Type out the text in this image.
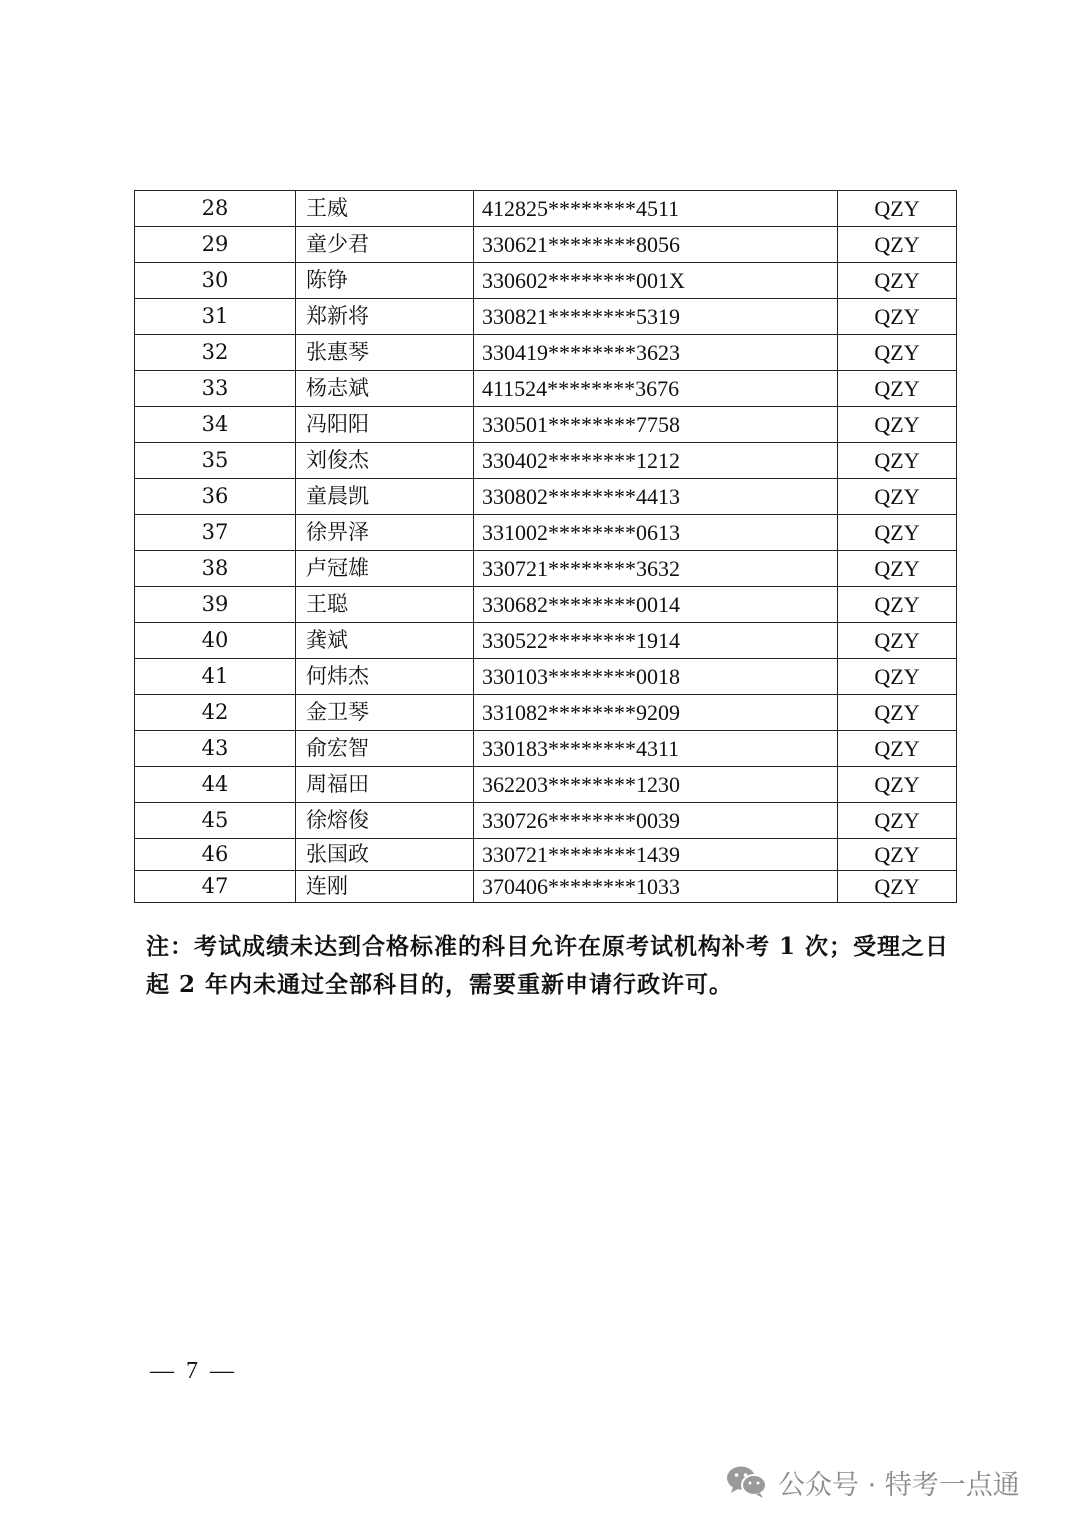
28	王威	412825********4511	QZY
29	童少君	330621********8056	QZY
30	陈铮	330602********001X	QZY
31	郑新将	330821********5319	QZY
32	张惠琴	330419********3623	QZY
33	杨志斌	411524********3676	QZY
34	冯阳阳	330501********7758	QZY
35	刘俊杰	330402********1212	QZY
36	童晨凯	330802********4413	QZY
37	徐畀泽	331002********0613	QZY
38	卢冠雄	330721********3632	QZY
39	王聪	330682********0014	QZY
40	龚斌	330522********1914	QZY
41	何炜杰	330103********0018	QZY
42	金卫琴	331082********9209	QZY
43	俞宏智	330183********4311	QZY
44	周福田	362203********1230	QZY
45	徐熔俊	330726********0039	QZY
46	张国政	330721********1439	QZY
47	连刚	370406********1033	QZY

注：考试成绩未达到合格标准的科目允许在原考试机构补考 1 次；受理之日起 2 年内未通过全部科目的，需要重新申请行政许可。

—  7  —
公众号 · 特考一点通
